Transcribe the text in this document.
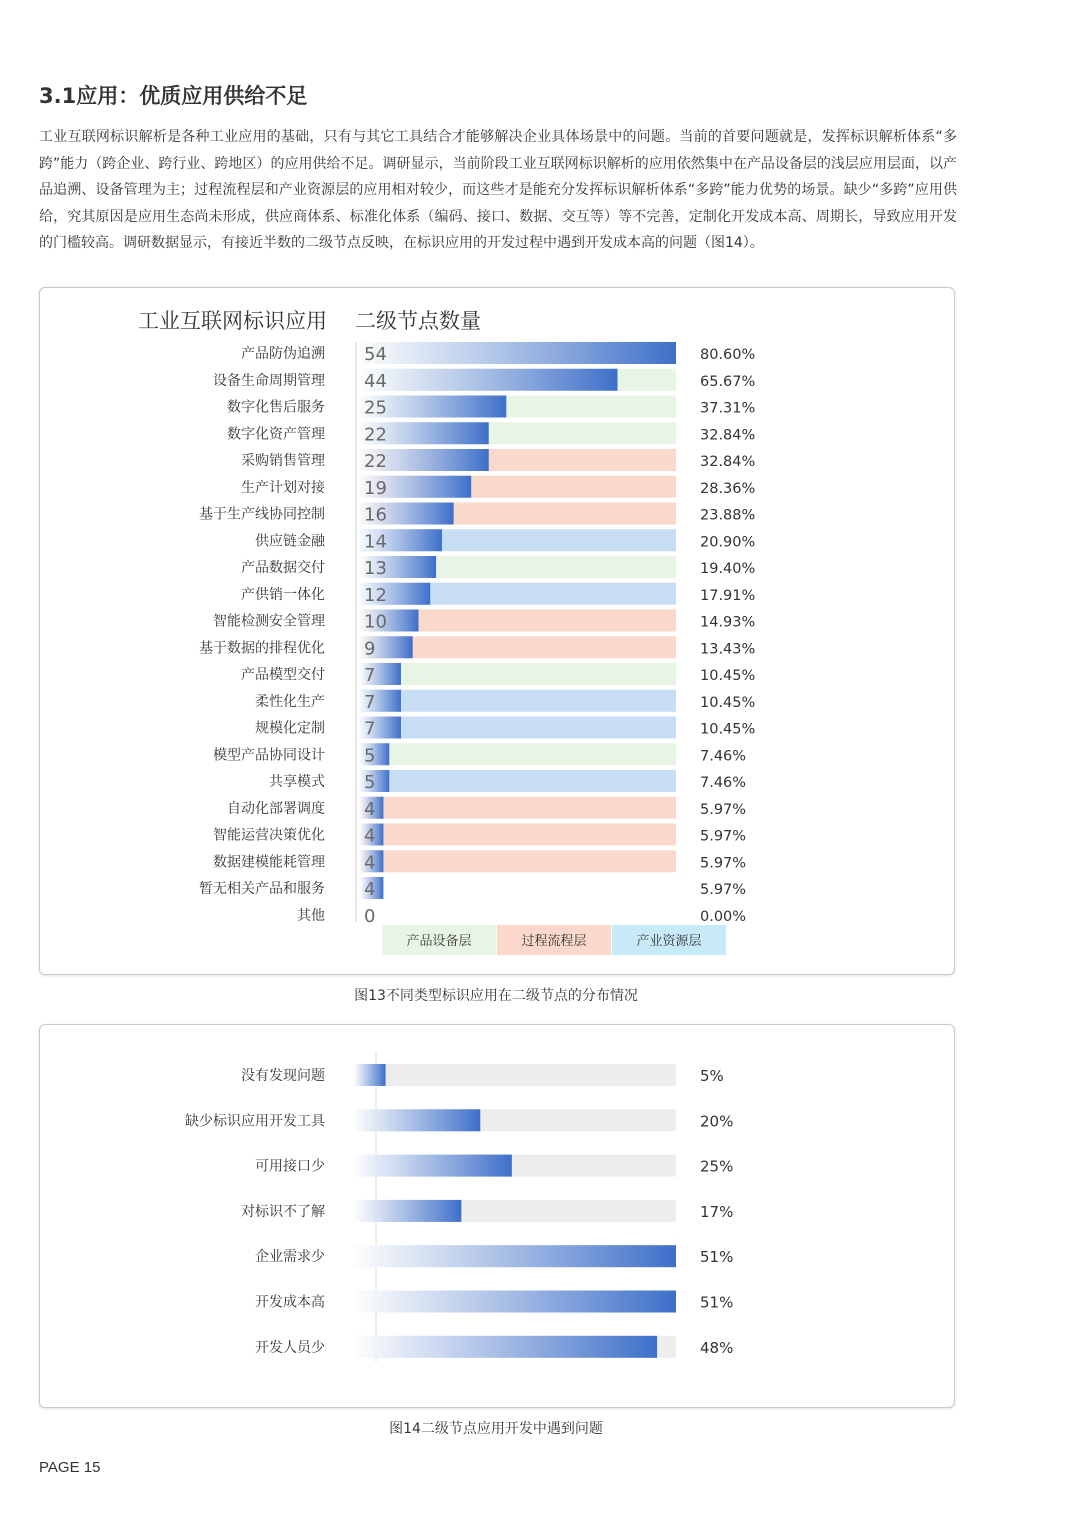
3.1应用：优质应用供给不足
工业互联网标识解析是各种工业应用的基础，只有与其它工具结合才能够解决企业具体场景中的问题。当前的首要问题就是，发挥标识解析体系“多跨”能力（跨企业、跨行业、跨地区）的应用供给不足。调研显示，当前阶段工业互联网标识解析的应用依然集中在产品设备层的浅层应用层面，以产品追溯、设备管理为主；过程流程层和产业资源层的应用相对较少，而这些才是能充分发挥标识解析体系“多跨”能力优势的场景。缺少“多跨”应用供给，究其原因是应用生态尚未形成，供应商体系、标准化体系（编码、接口、数据、交互等）等不完善，定制化开发成本高、周期长，导致应用开发的门槛较高。调研数据显示，有接近半数的二级节点反映，在标识应用的开发过程中遇到开发成本高的问题（图14）。
图13不同类型标识应用在二级节点的分布情况
图14二级节点应用开发中遇到问题
PAGE 15
工业互联网标识应用 二级节点数量
产品防伪追溯 54	80.60%
设备生命周期管理 44	65.67%
数字化售后服务 25	37.31%
数字化资产管理 22	32.84%
采购销售管理 22	32.84%
生产计划对接 19	28.36%
基于生产线协同控制 16	23.88%
供应链金融 14	20.90%
产品数据交付 13	19.40%
产供销一体化 12	17.91%
智能检测安全管理 10	14.93%
基于数据的排程优化 9	13.43%
产品模型交付 7	10.45%
柔性化生产 7	10.45%
规模化定制 7	10.45%
模型产品协同设计 5	7.46%
共享模式 5	7.46%
自动化部署调度 4	5.97%
智能运营决策优化 4	5.97%
数据建模能耗管理 4	5.97%
暂无相关产品和服务 4	5.97%
其他 0	0.00%
产品设备层	过程流程层	产业资源层
没有发现问题	5%
缺少标识应用开发工具	20%
可用接口少	25%
对标识不了解	17%
企业需求少	51%
开发成本高	51%
开发人员少	48%
